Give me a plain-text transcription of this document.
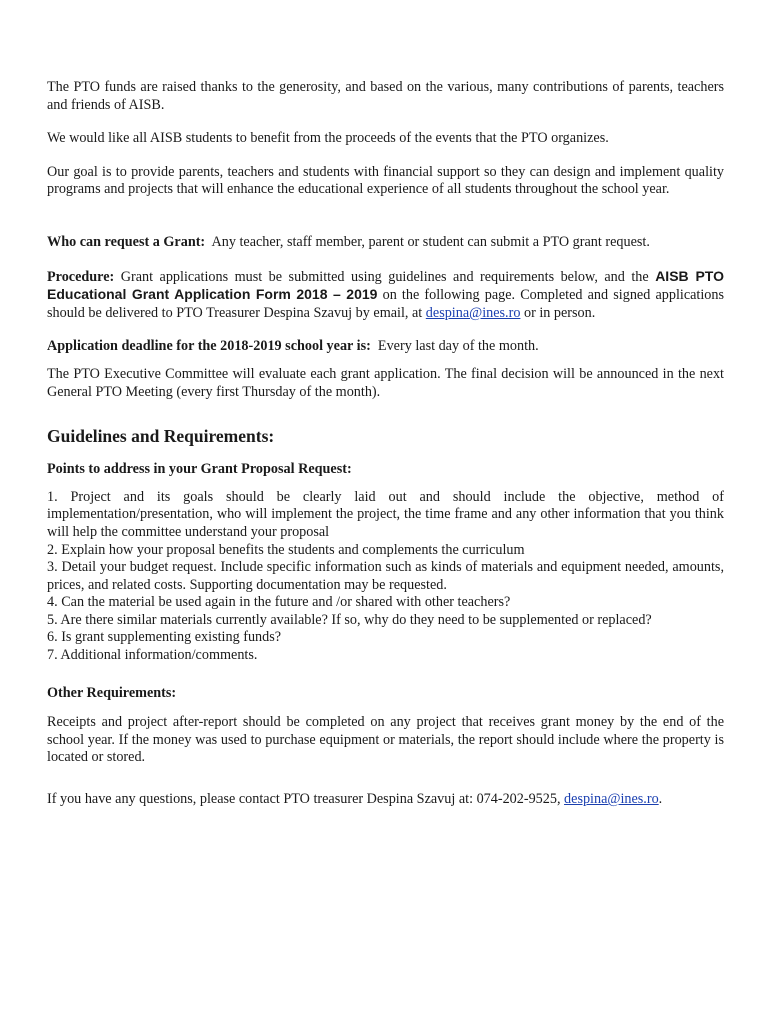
The PTO funds are raised thanks to the generosity, and based on the various, many contributions of parents, teachers and friends of AISB.

We would like all AISB students to benefit from the proceeds of the events that the PTO organizes.

Our goal is to provide parents, teachers and students with financial support so they can design and implement quality programs and projects that will enhance the educational experience of all students throughout the school year.

Who can request a Grant: Any teacher, staff member, parent or student can submit a PTO grant request.

Procedure: Grant applications must be submitted using guidelines and requirements below, and the AISB PTO Educational Grant Application Form 2018 – 2019 on the following page. Completed and signed applications should be delivered to PTO Treasurer Despina Szavuj by email, at despina@ines.ro or in person.

Application deadline for the 2018-2019 school year is: Every last day of the month.

The PTO Executive Committee will evaluate each grant application. The final decision will be announced in the next General PTO Meeting (every first Thursday of the month).

Guidelines and Requirements:
Points to address in your Grant Proposal Request:
1. Project and its goals should be clearly laid out and should include the objective, method of implementation/presentation, who will implement the project, the time frame and any other information that you think will help the committee understand your proposal
2. Explain how your proposal benefits the students and complements the curriculum
3. Detail your budget request. Include specific information such as kinds of materials and equipment needed, amounts, prices, and related costs. Supporting documentation may be requested.
4. Can the material be used again in the future and /or shared with other teachers?
5. Are there similar materials currently available? If so, why do they need to be supplemented or replaced?
6. Is grant supplementing existing funds?
7. Additional information/comments.
Other Requirements:

Receipts and project after-report should be completed on any project that receives grant money by the end of the school year. If the money was used to purchase equipment or materials, the report should include where the property is located or stored.

If you have any questions, please contact PTO treasurer Despina Szavuj at: 074-202-9525, despina@ines.ro.
